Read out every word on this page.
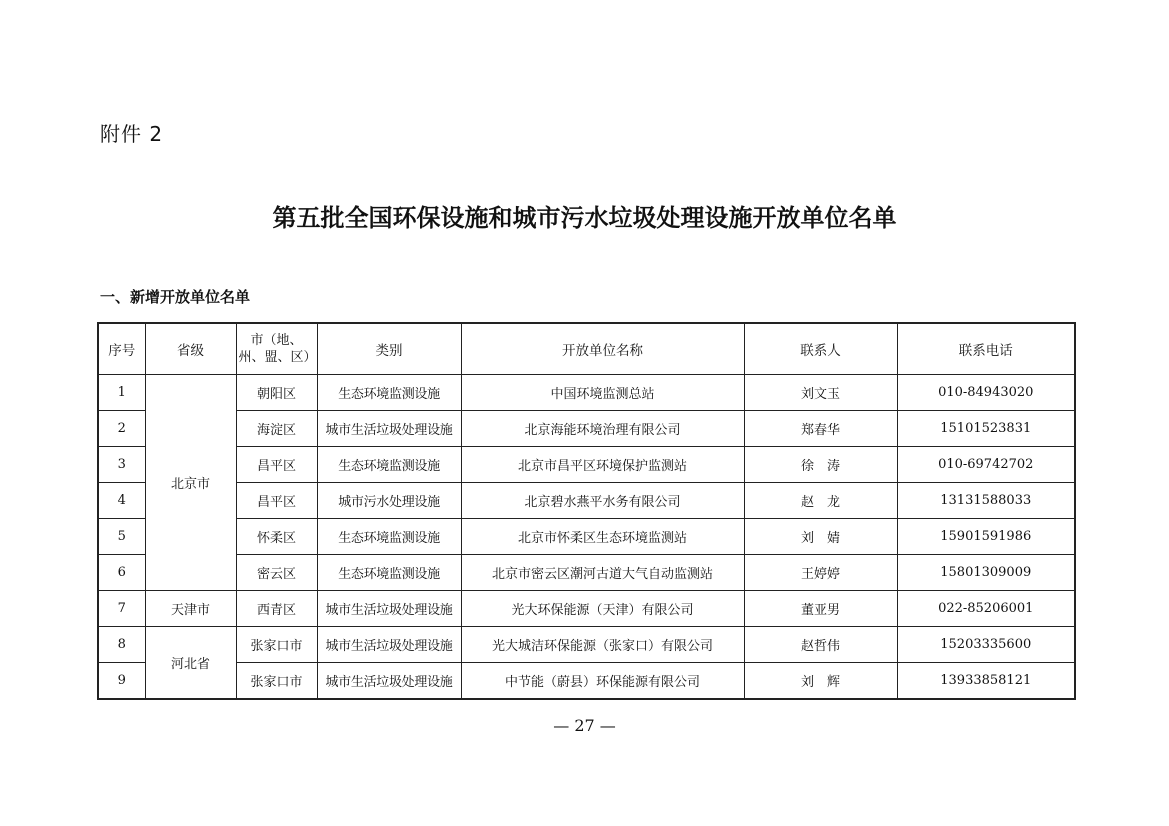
附件 2
第五批全国环保设施和城市污水垃圾处理设施开放单位名单
一、新增开放单位名单
序号	省级	市（地、州、盟、区）	类别	开放单位名称	联系人	联系电话
1	北京市	朝阳区	生态环境监测设施	中国环境监测总站	刘文玉	010-84943020
2		海淀区	城市生活垃圾处理设施	北京海能环境治理有限公司	郑春华	15101523831
3		昌平区	生态环境监测设施	北京市昌平区环境保护监测站	徐　涛	010-69742702
4		昌平区	城市污水处理设施	北京碧水燕平水务有限公司	赵　龙	13131588033
5		怀柔区	生态环境监测设施	北京市怀柔区生态环境监测站	刘　婧	15901591986
6		密云区	生态环境监测设施	北京市密云区潮河古道大气自动监测站	王婷婷	15801309009
7	天津市	西青区	城市生活垃圾处理设施	光大环保能源（天津）有限公司	董亚男	022-85206001
8	河北省	张家口市	城市生活垃圾处理设施	光大城洁环保能源（张家口）有限公司	赵哲伟	15203335600
9		张家口市	城市生活垃圾处理设施	中节能（蔚县）环保能源有限公司	刘　辉	13933858121
— 27 —
